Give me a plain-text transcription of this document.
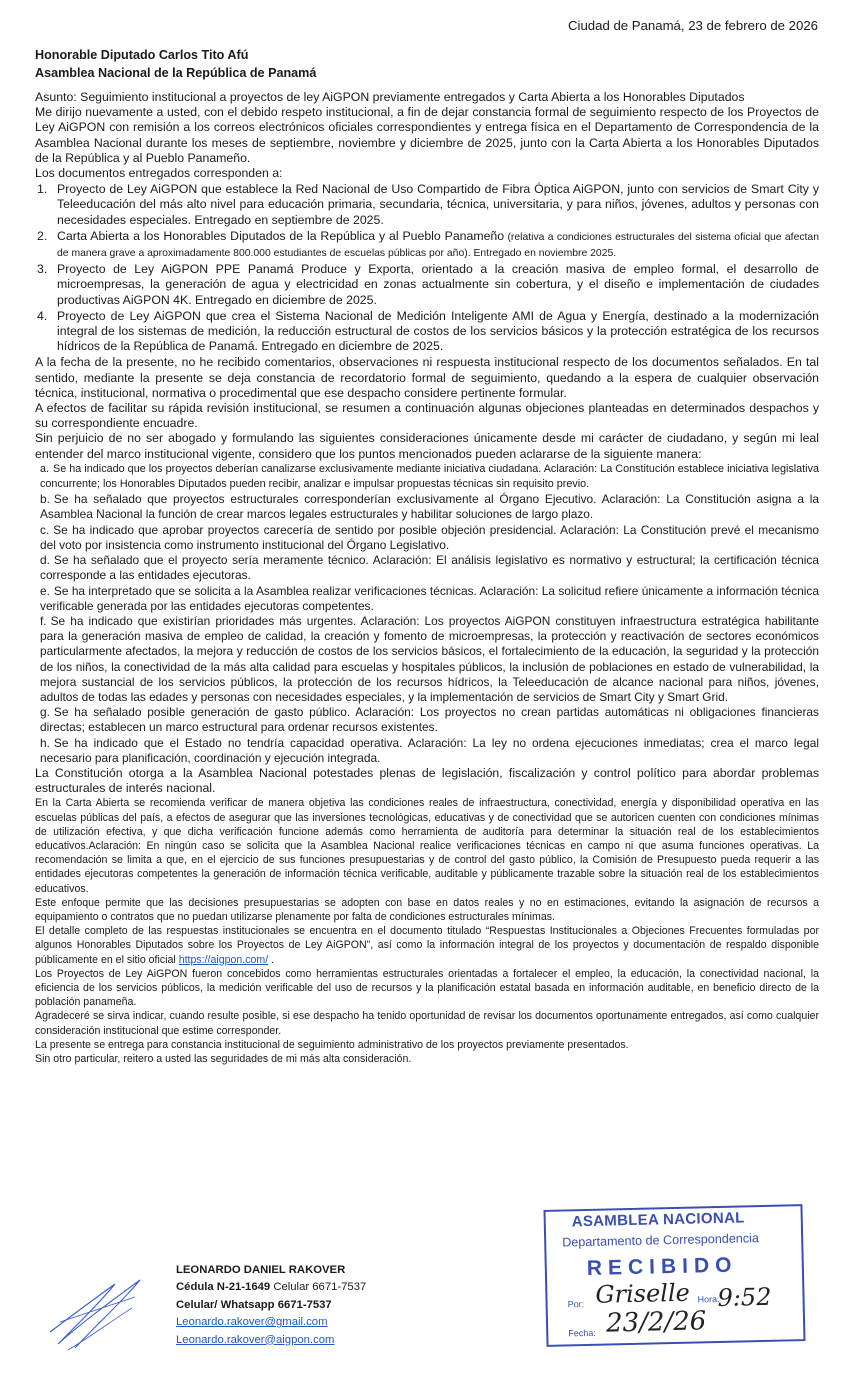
Ciudad de Panamá, 23 de febrero de 2026
Honorable Diputado Carlos Tito Afú
Asamblea Nacional de la República de Panamá

Asunto: Seguimiento institucional a proyectos de ley AiGPON previamente entregados y Carta Abierta a los Honorables Diputados

Me dirijo nuevamente a usted, con el debido respeto institucional, a fin de dejar constancia formal de seguimiento respecto de los Proyectos de Ley AiGPON con remisión a los correos electrónicos oficiales correspondientes y entrega física en el Departamento de Correspondencia de la Asamblea Nacional durante los meses de septiembre, noviembre y diciembre de 2025, junto con la Carta Abierta a los Honorables Diputados de la República y al Pueblo Panameño.

Los documentos entregados corresponden a:

1. Proyecto de Ley AiGPON que establece la Red Nacional de Uso Compartido de Fibra Óptica AiGPON, junto con servicios de Smart City y Teleeducación del más alto nivel para educación primaria, secundaria, técnica, universitaria, y para niños, jóvenes, adultos y personas con necesidades especiales. Entregado en septiembre de 2025.
2. Carta Abierta a los Honorables Diputados de la República y al Pueblo Panameño (relativa a condiciones estructurales del sistema oficial que afectan de manera grave a aproximadamente 800.000 estudiantes de escuelas públicas por año). Entregado en noviembre 2025.
3. Proyecto de Ley AiGPON PPE Panamá Produce y Exporta, orientado a la creación masiva de empleo formal, el desarrollo de microempresas, la generación de agua y electricidad en zonas actualmente sin cobertura, y el diseño e implementación de ciudades productivas AiGPON 4K. Entregado en diciembre de 2025.
4. Proyecto de Ley AiGPON que crea el Sistema Nacional de Medición Inteligente AMI de Agua y Energía, destinado a la modernización integral de los sistemas de medición, la reducción estructural de costos de los servicios básicos y la protección estratégica de los recursos hídricos de la República de Panamá. Entregado en diciembre de 2025.

A la fecha de la presente, no he recibido comentarios, observaciones ni respuesta institucional respecto de los documentos señalados. En tal sentido, mediante la presente se deja constancia de recordatorio formal de seguimiento, quedando a la espera de cualquier observación técnica, institucional, normativa o procedimental que ese despacho considere pertinente formular.

A efectos de facilitar su rápida revisión institucional, se resumen a continuación algunas objeciones planteadas en determinados despachos y su correspondiente encuadre.

Sin perjuicio de no ser abogado y formulando las siguientes consideraciones únicamente desde mi carácter de ciudadano, y según mi leal entender del marco institucional vigente, considero que los puntos mencionados pueden aclararse de la siguiente manera:

a. Se ha indicado que los proyectos deberían canalizarse exclusivamente mediante iniciativa ciudadana. Aclaración: La Constitución establece iniciativa legislativa concurrente; los Honorables Diputados pueden recibir, analizar e impulsar propuestas técnicas sin requisito previo.

b. Se ha señalado que proyectos estructurales corresponderían exclusivamente al Órgano Ejecutivo. Aclaración: La Constitución asigna a la Asamblea Nacional la función de crear marcos legales estructurales y habilitar soluciones de largo plazo.

c. Se ha indicado que aprobar proyectos carecería de sentido por posible objeción presidencial. Aclaración: La Constitución prevé el mecanismo del voto por insistencia como instrumento institucional del Órgano Legislativo.

d. Se ha señalado que el proyecto sería meramente técnico. Aclaración: El análisis legislativo es normativo y estructural; la certificación técnica corresponde a las entidades ejecutoras.

e. Se ha interpretado que se solicita a la Asamblea realizar verificaciones técnicas. Aclaración: La solicitud refiere únicamente a información técnica verificable generada por las entidades ejecutoras competentes.

f. Se ha indicado que existirían prioridades más urgentes. Aclaración: Los proyectos AiGPON constituyen infraestructura estratégica habilitante para la generación masiva de empleo de calidad, la creación y fomento de microempresas, la protección y reactivación de sectores económicos particularmente afectados, la mejora y reducción de costos de los servicios básicos, el fortalecimiento de la educación, la seguridad y la protección de los niños, la conectividad de la más alta calidad para escuelas y hospitales públicos, la inclusión de poblaciones en estado de vulnerabilidad, la mejora sustancial de los servicios públicos, la protección de los recursos hídricos, la Teleeducación de alcance nacional para niños, jóvenes, adultos de todas las edades y personas con necesidades especiales, y la implementación de servicios de Smart City y Smart Grid.

g. Se ha señalado posible generación de gasto público. Aclaración: Los proyectos no crean partidas automáticas ni obligaciones financieras directas; establecen un marco estructural para ordenar recursos existentes.

h. Se ha indicado que el Estado no tendría capacidad operativa. Aclaración: La ley no ordena ejecuciones inmediatas; crea el marco legal necesario para planificación, coordinación y ejecución integrada.

La Constitución otorga a la Asamblea Nacional potestades plenas de legislación, fiscalización y control político para abordar problemas estructurales de interés nacional.

En la Carta Abierta se recomienda verificar de manera objetiva las condiciones reales de infraestructura, conectividad, energía y disponibilidad operativa en las escuelas públicas del país, a efectos de asegurar que las inversiones tecnológicas, educativas y de conectividad que se autoricen cuenten con condiciones mínimas de utilización efectiva, y que dicha verificación funcione además como herramienta de auditoría para determinar la situación real de los establecimientos educativos.Aclaración: En ningún caso se solicita que la Asamblea Nacional realice verificaciones técnicas en campo ni que asuma funciones operativas. La recomendación se limita a que, en el ejercicio de sus funciones presupuestarias y de control del gasto público, la Comisión de Presupuesto pueda requerir a las entidades ejecutoras competentes la generación de información técnica verificable, auditable y públicamente trazable sobre la situación real de los establecimientos educativos.

Este enfoque permite que las decisiones presupuestarias se adopten con base en datos reales y no en estimaciones, evitando la asignación de recursos a equipamiento o contratos que no puedan utilizarse plenamente por falta de condiciones estructurales mínimas.

El detalle completo de las respuestas institucionales se encuentra en el documento titulado “Respuestas Institucionales a Objeciones Frecuentes formuladas por algunos Honorables Diputados sobre los Proyectos de Ley AiGPON”, así como la información integral de los proyectos y documentación de respaldo disponible públicamente en el sitio oficial https://aigpon.com/ .

Los Proyectos de Ley AiGPON fueron concebidos como herramientas estructurales orientadas a fortalecer el empleo, la educación, la conectividad nacional, la eficiencia de los servicios públicos, la medición verificable del uso de recursos y la planificación estatal basada en información auditable, en beneficio directo de la población panameña.

Agradeceré se sirva indicar, cuando resulte posible, si ese despacho ha tenido oportunidad de revisar los documentos oportunamente entregados, así como cualquier consideración institucional que estime corresponder.

La presente se entrega para constancia institucional de seguimiento administrativo de los proyectos previamente presentados.

Sin otro particular, reitero a usted las seguridades de mi más alta consideración.

LEONARDO DANIEL RAKOVER
Cédula N-21-1649 Celular 6671-7537
Celular/ Whatsapp 6671-7537
Leonardo.rakover@gmail.com
Leonardo.rakover@aigpon.com
ASAMBLEA NACIONAL
Departamento de Correspondencia
RECIBIDO
Por:
Fecha:
Hora:
Griselle
23/2/26
9:52
